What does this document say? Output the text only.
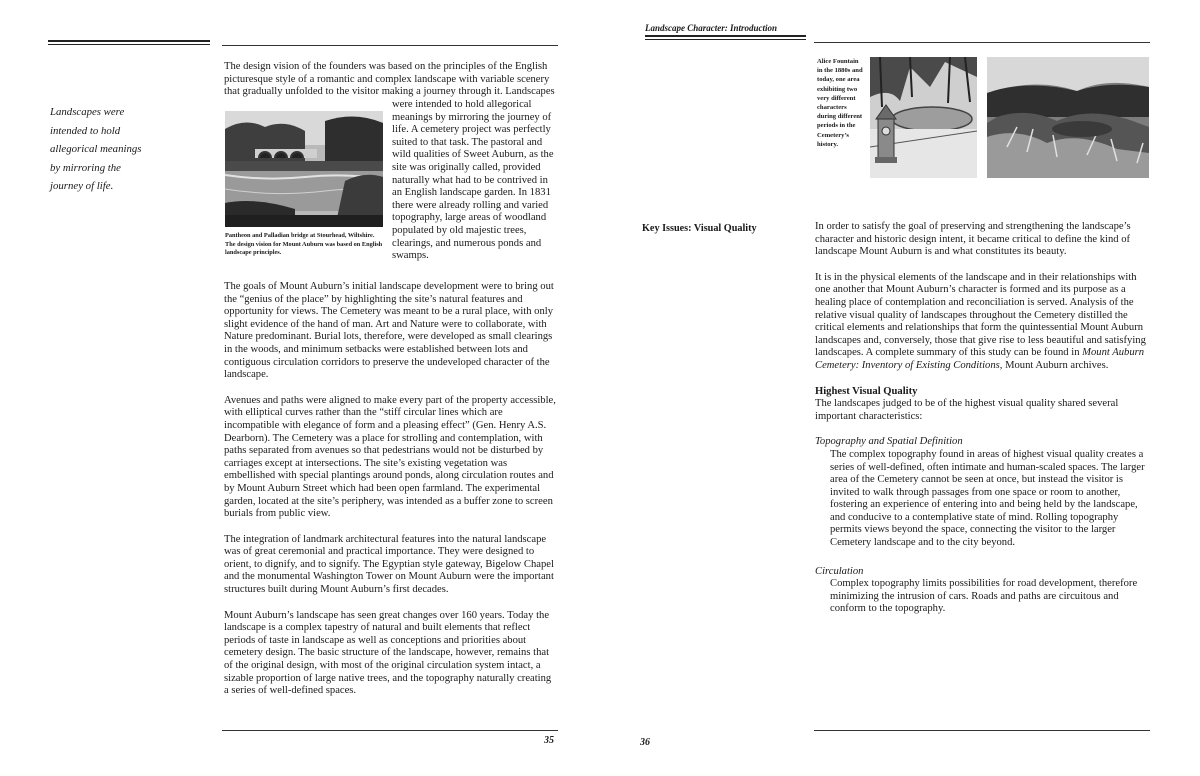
Landscapes were intended to hold allegorical meanings by mirroring the journey of life.
The design vision of the founders was based on the principles of the English picturesque style of a romantic and complex landscape with variable scenery that gradually unfolded to the visitor making a journey through it. Landscapes
Pantheon and Palladian bridge at Stourhead, Wiltshire. The design vision for Mount Auburn was based on English landscape principles.
were intended to hold allegorical meanings by mirroring the journey of life. A cemetery project was perfectly suited to that task. The pastoral and wild qualities of Sweet Auburn, as the site was originally called, provided naturally what had to be contrived in an English landscape garden. In 1831 there were already rolling and varied topography, large areas of woodland populated by old majestic trees, clearings, and numerous ponds and swamps.

The goals of Mount Auburn’s initial landscape development were to bring out the “genius of the place” by highlighting the site’s natural features and opportunity for views. The Cemetery was meant to be a rural place, with only slight evidence of the hand of man. Art and Nature were to collaborate, with Nature predominant. Burial lots, therefore, were developed as small clearings in the woods, and minimum setbacks were established between lots and contiguous circulation corridors to preserve the undeveloped character of the landscape.

Avenues and paths were aligned to make every part of the property accessible, with elliptical curves rather than the “stiff circular lines which are incompatible with elegance of form and a pleasing effect” (Gen. Henry A.S. Dearborn). The Cemetery was a place for strolling and contemplation, with paths separated from avenues so that pedestrians would not be disturbed by carriages except at intersections. The site’s existing vegetation was embellished with special plantings around ponds, along circulation routes and by Mount Auburn Street which had been open farmland. The experimental garden, located at the site’s periphery, was intended as a buffer zone to screen burials from public view.

The integration of landmark architectural features into the natural landscape was of great ceremonial and practical importance. They were designed to orient, to dignify, and to signify. The Egyptian style gateway, Bigelow Chapel and the monumental Washington Tower on Mount Auburn were the important structures built during Mount Auburn’s first decades.

Mount Auburn’s landscape has seen great changes over 160 years. Today the landscape is a complex tapestry of natural and built elements that reflect periods of taste in landscape as well as conceptions and priorities about cemetery design. The basic structure of the landscape, however, remains that of the original design, with most of the original circulation system intact, a sizable proportion of large native trees, and the topography naturally creating a series of well-defined spaces.

35
Landscape Character: Introduction
Alice Fountain in the 1880s and today, one area exhibiting two very different characters during different periods in the Cemetery’s history.
Key Issues: Visual Quality	In order to satisfy the goal of preserving and strengthening the landscape’s character and historic design intent, it became critical to define the kind of landscape Mount Auburn is and what constitutes its beauty.

It is in the physical elements of the landscape and in their relationships with one another that Mount Auburn’s character is formed and its purpose as a healing place of contemplation and reconciliation is served. Analysis of the relative visual quality of landscapes throughout the Cemetery distilled the critical elements and relationships that form the quintessential Mount Auburn landscapes and, conversely, those that give rise to less beautiful and satisfying landscapes. A complete summary of this study can be found in Mount Auburn Cemetery: Inventory of Existing Conditions, Mount Auburn archives.

Highest Visual Quality

The landscapes judged to be of the highest visual quality shared several important characteristics:

Topography and Spatial Definition

The complex topography found in areas of highest visual quality creates a series of well-defined, often intimate and human-scaled spaces. The larger area of the Cemetery cannot be seen at once, but instead the visitor is invited to walk through passages from one space or room to another, fostering an experience of entering into and being held by the landscape, and conducive to a contemplative state of mind. Rolling topography permits views beyond the space, connecting the visitor to the larger Cemetery landscape and to the city beyond.

Circulation

Complex topography limits possibilities for road development, therefore minimizing the intrusion of cars. Roads and paths are circuitous and conform to the topography.

36
